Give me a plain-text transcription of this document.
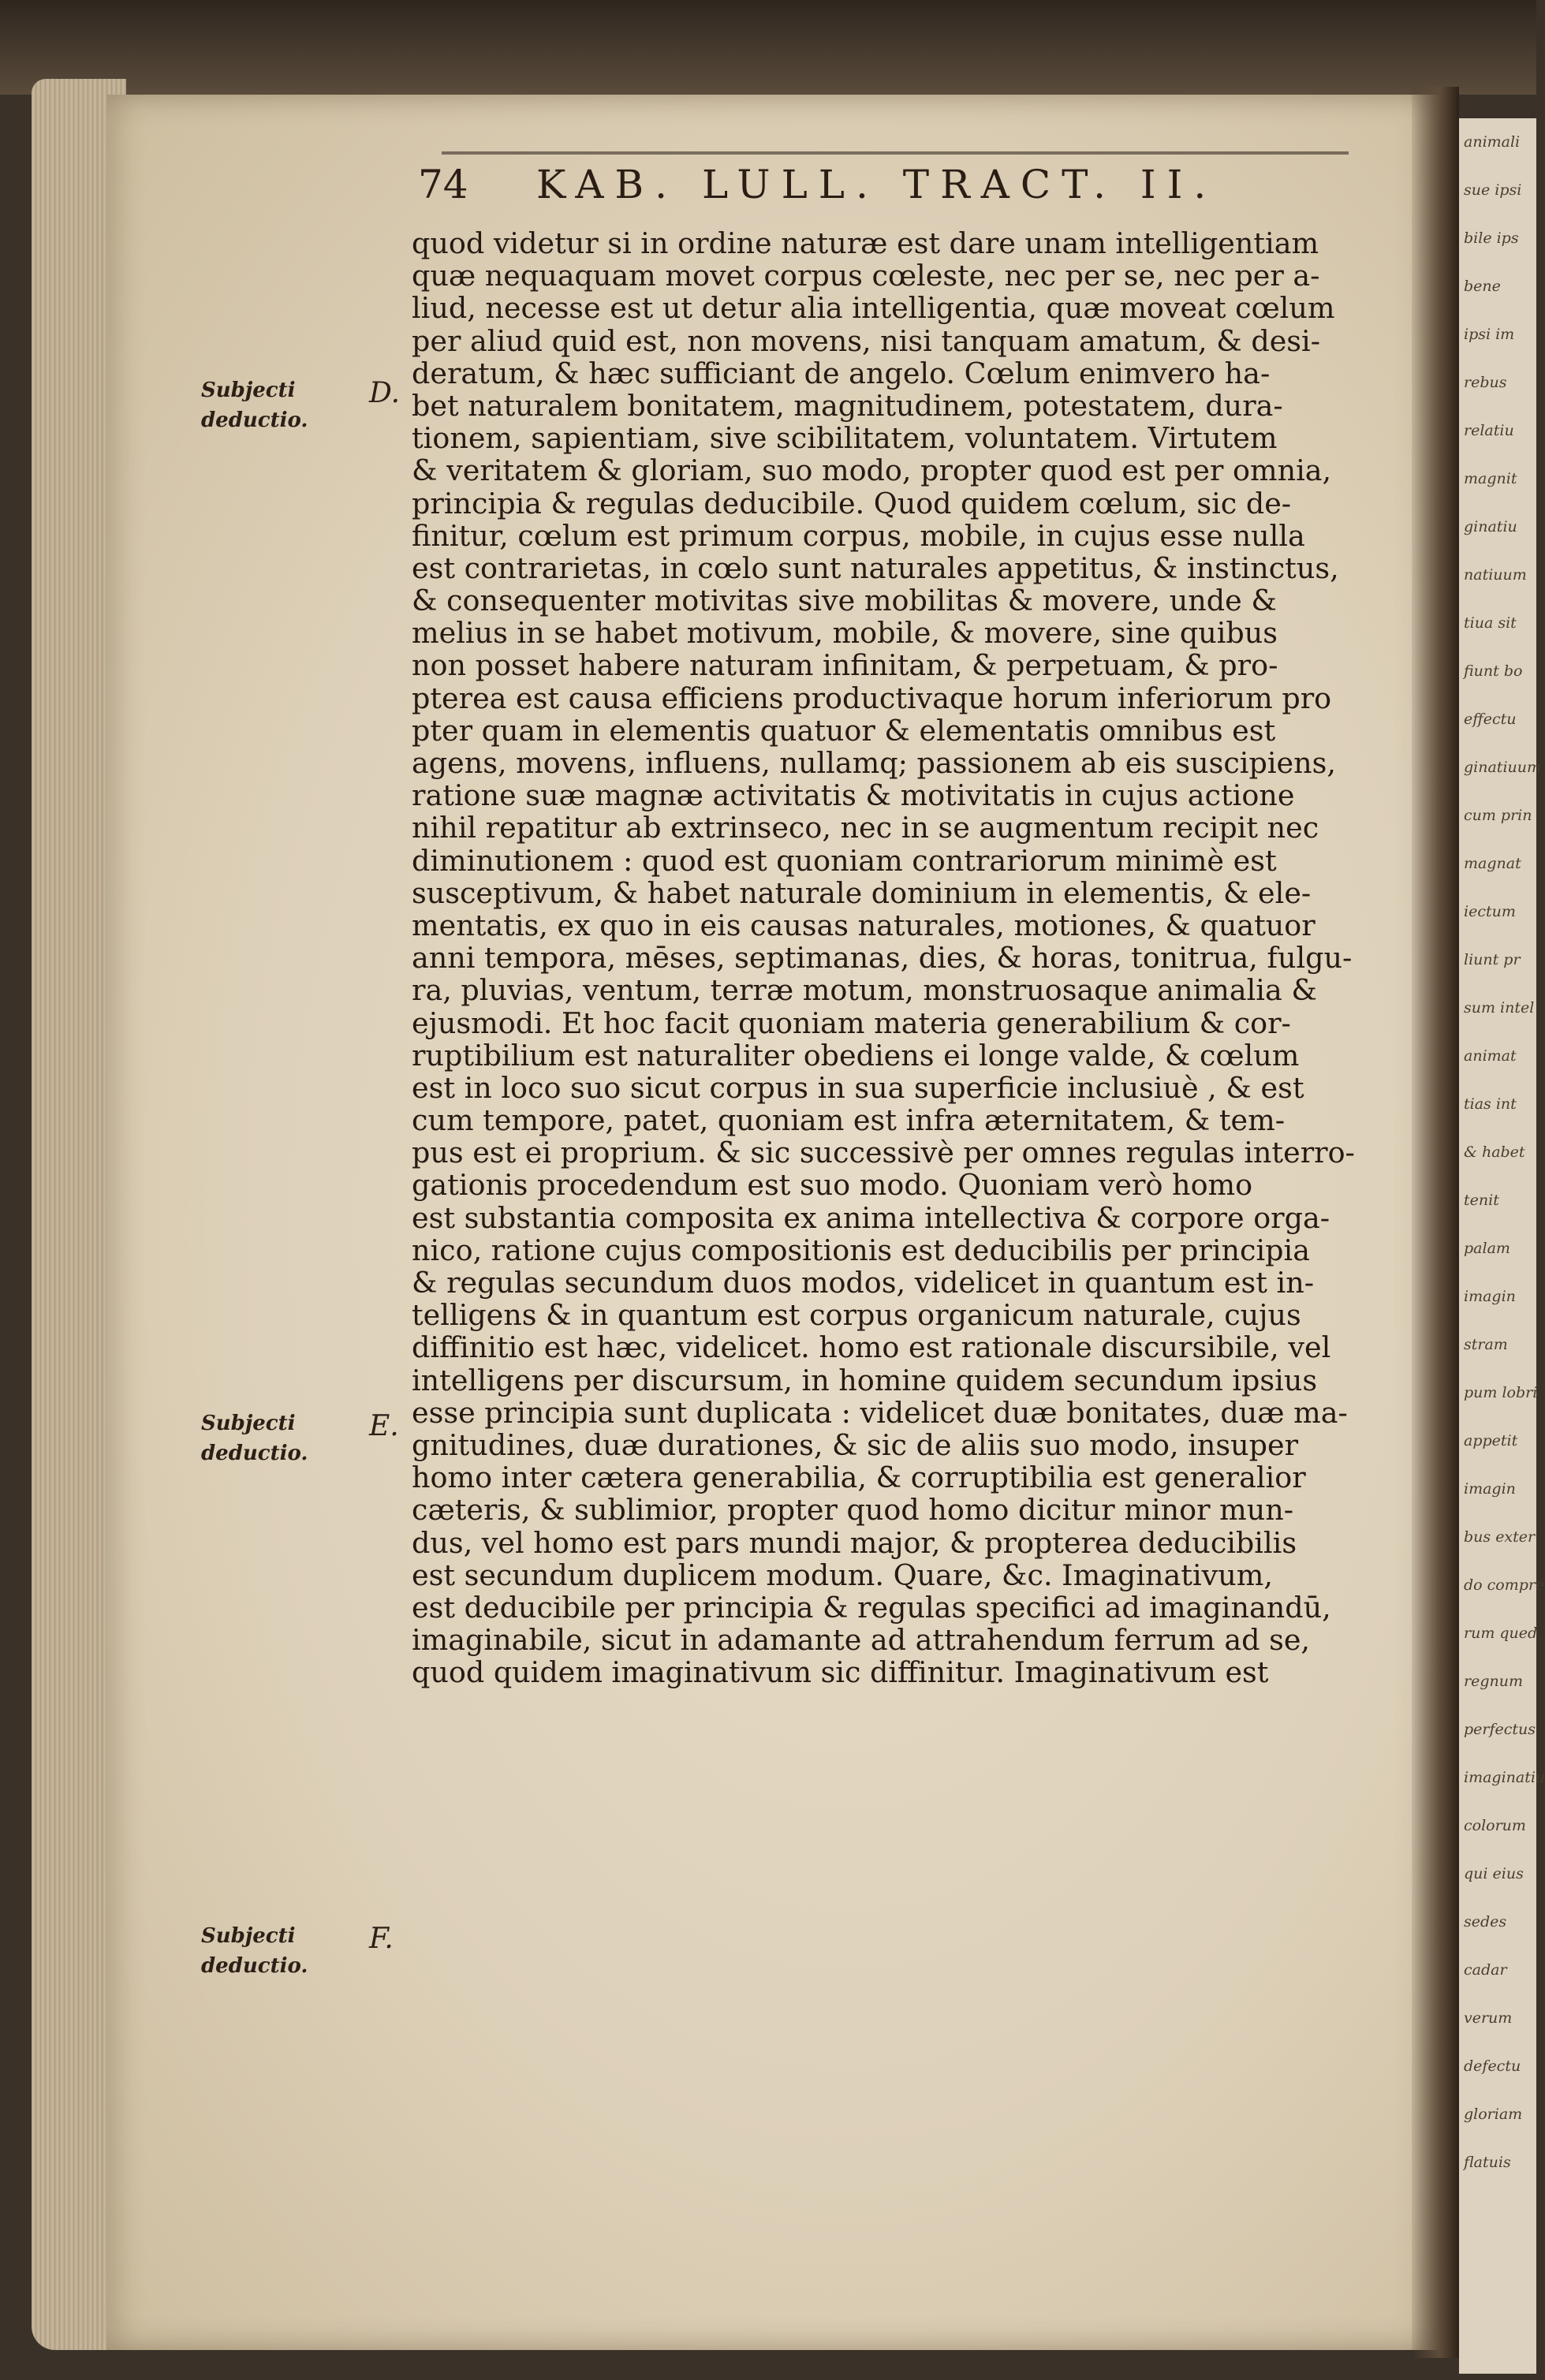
animali
sue ipsi
bile ips
bene
ipsi im
rebus
relatiu
magnit
ginatiu
natiuum
tiua sit
fiunt bo
effectu
ginatiuum
cum prin
magnat
iectum
liunt pr
sum intel
animat
tias int
& habet
tenit
palam
imagin
stram
pum lobri
appetit
imagin
bus exter
do compre
rum qued
regnum
perfectus
imaginatiu
colorum
qui eius
sedes
cadar
verum
defectu
gloriam
flatuis
74 KAB. LULL. TRACT. II.
Subjecti deductio.
D.
Subjecti deductio.
E.
Subjecti deductio.
F.
quod videtur si in ordine naturæ est dare unam intelligentiam
quæ nequaquam movet corpus cœleste, nec per se, nec per a-
liud, necesse est ut detur alia intelligentia, quæ moveat cœlum
per aliud quid est, non movens, nisi tanquam amatum, & desi-
deratum, & hæc sufficiant de angelo. Cœlum enimvero ha-
bet naturalem bonitatem, magnitudinem, potestatem, dura-
tionem, sapientiam, sive scibilitatem, voluntatem. Virtutem
& veritatem & gloriam, suo modo, propter quod est per omnia,
principia & regulas deducibile. Quod quidem cœlum, sic de-
finitur, cœlum est primum corpus, mobile, in cujus esse nulla
est contrarietas, in cœlo sunt naturales appetitus, & instinctus,
& consequenter motivitas sive mobilitas & movere, unde &
melius in se habet motivum, mobile, & movere, sine quibus
non posset habere naturam infinitam, & perpetuam, & pro-
pterea est causa efficiens productivaque horum inferiorum pro
pter quam in elementis quatuor & elementatis omnibus est
agens, movens, influens, nullamq; passionem ab eis suscipiens,
ratione suæ magnæ activitatis & motivitatis in cujus actione
nihil repatitur ab extrinseco, nec in se augmentum recipit nec
diminutionem : quod est quoniam contrariorum minimè est
susceptivum, & habet naturale dominium in elementis, & ele-
mentatis, ex quo in eis causas naturales, motiones, & quatuor
anni tempora, mēses, septimanas, dies, & horas, tonitrua, fulgu-
ra, pluvias, ventum, terræ motum, monstruosaque animalia &
ejusmodi. Et hoc facit quoniam materia generabilium & cor-
ruptibilium est naturaliter obediens ei longe valde, & cœlum
est in loco suo sicut corpus in sua superficie inclusiuè , & est
cum tempore, patet, quoniam est infra æternitatem, & tem-
pus est ei proprium. & sic successivè per omnes regulas interro-
gationis procedendum est suo modo. Quoniam verò homo
est substantia composita ex anima intellectiva & corpore orga-
nico, ratione cujus compositionis est deducibilis per principia
& regulas secundum duos modos, videlicet in quantum est in-
telligens & in quantum est corpus organicum naturale, cujus
diffinitio est hæc, videlicet. homo est rationale discursibile, vel
intelligens per discursum, in homine quidem secundum ipsius
esse principia sunt duplicata : videlicet duæ bonitates, duæ ma-
gnitudines, duæ durationes, & sic de aliis suo modo, insuper
homo inter cætera generabilia, & corruptibilia est generalior
cæteris, & sublimior, propter quod homo dicitur minor mun-
dus, vel homo est pars mundi major, & propterea deducibilis
est secundum duplicem modum. Quare, &c. Imaginativum,
est deducibile per principia & regulas specifici ad imaginandū,
imaginabile, sicut in adamante ad attrahendum ferrum ad se,
quod quidem imaginativum sic diffinitur. Imaginativum est
